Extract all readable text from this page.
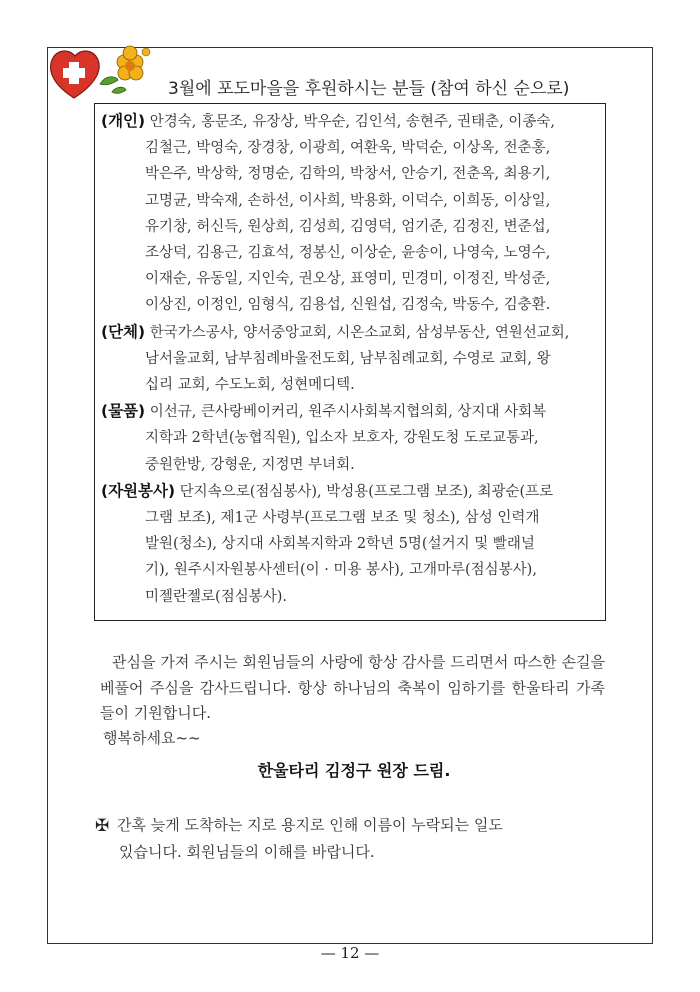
3월에 포도마을을 후원하시는 분들 (참여 하신 순으로)
(개인) 안경숙, 홍문조, 유장상, 박우순, 김인석, 송현주, 권태춘, 이종숙,
김철근, 박영숙, 장경창, 이광희, 여환욱, 박덕순, 이상옥, 전춘홍,
박은주, 박상학, 정명순, 김학의, 박창서, 안승기, 전춘옥, 최용기,
고명균, 박숙재, 손하선, 이사희, 박용화, 이덕수, 이희동, 이상일,
유기창, 허신득, 원상희, 김성희, 김영덕, 엄기준, 김정진, 변준섭,
조상덕, 김용근, 김효석, 정봉신, 이상순, 윤송이, 나영숙, 노영수,
이재순, 유동일, 지인숙, 권오상, 표영미, 민경미, 이정진, 박성준,
이상진, 이정인, 임형식, 김용섭, 신원섭, 김정숙, 박동수, 김충환.
(단체) 한국가스공사, 양서중앙교회, 시온소교회, 삼성부동산, 연원선교회,
남서울교회, 남부침례바울전도회, 남부침례교회, 수영로 교회, 왕
십리 교회, 수도노회, 성현메디텍.
(물품) 이선규, 큰사랑베이커리, 원주시사회복지협의회, 상지대 사회복
지학과 2학년(농협직원), 입소자 보호자, 강원도청 도로교통과,
중원한방, 강형운, 지정면 부녀회.
(자원봉사) 단지속으로(점심봉사), 박성용(프로그램 보조), 최광순(프로
그램 보조), 제1군 사령부(프로그램 보조 및 청소), 삼성 인력개
발원(청소), 상지대 사회복지학과 2학년 5명(설거지 및 빨래널
기), 원주시자원봉사센터(이 · 미용 봉사), 고개마루(점심봉사),
미젤란젤로(점심봉사).

관심을 가져 주시는 회원님들의 사랑에 항상 감사를 드리면서 따스한 손길을 베풀어 주심을 감사드립니다. 항상 하나님의 축복이 임하기를 한울타리 가족들이 기원합니다.

행복하세요~~
한울타리 김정구 원장 드림.
✠ 간혹 늦게 도착하는 지로 용지로 인해 이름이 누락되는 일도
있습니다. 회원님들의 이해를 바랍니다.
— 12 —
